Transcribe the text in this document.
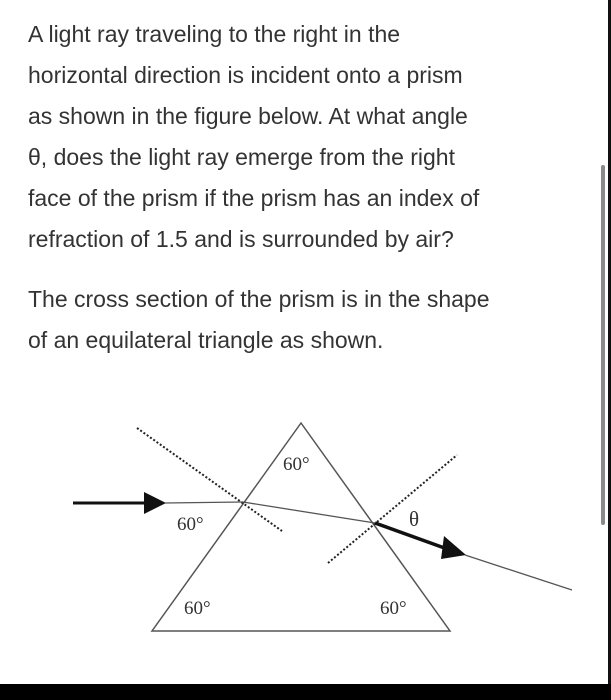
A light ray traveling to the right in the
horizontal direction is incident onto a prism
as shown in the figure below. At what angle
θ, does the light ray emerge from the right
face of the prism if the prism has an index of
refraction of 1.5 and is surrounded by air?
The cross section of the prism is in the shape
of an equilateral triangle as shown.
60°
60°
60°	60°
θ
